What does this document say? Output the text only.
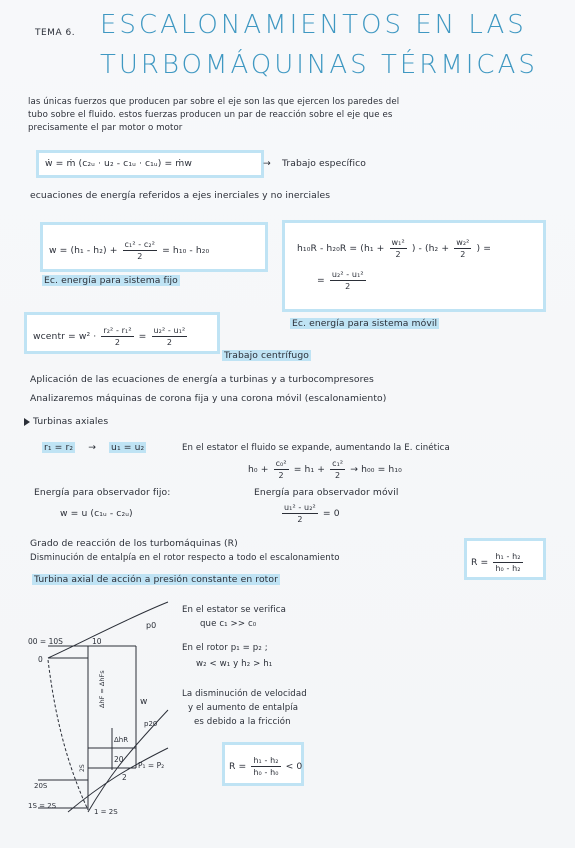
TEMA 6. ESCALONAMIENTOS EN LAS
TURBOMÁQUINAS TÉRMICAS
las únicas fuerzos que producen par sobre el eje son las que ejercen los paredes del
tubo sobre el fluido. estos fuerzas producen un par de reacción sobre el eje que es
precisamente el par motor o motor
ẇ = ṁ (c₂ᵤ · u₂ - c₁ᵤ · c₁ᵤ) = ṁw	→ Trabajo específico
ecuaciones de energía referidos a ejes inerciales y no inerciales
$w = (h_1 - h_2) + \frac{\text{c₁² - c₂²}}{2} = h_{10} - h_{20}$
Ec. energía para sistema fijo
$h_{10}R - h_{20}R = (h_1 + \frac{\text{w₁²}}{2}$ ) - ($h_2 + \frac{\text{w₂²}}{2}$ ) =
= $\frac{\text{u₂² - u₁²}}{2}$
Ec. energía para sistema móvil
wcentr = $w^2 \cdot \frac{\text{r₂² - r₁²}}{2} = \frac{\text{u₂² - u₁²}}{2}$
Trabajo centrífugo
Aplicación de las ecuaciones de energía a turbinas y a turbocompresores
Analizaremos máquinas de corona fija y una corona móvil (escalonamiento)
Turbinas axiales
r₁ = r₂ → u₁ = u₂	En el estator el fluido se expande, aumentando la E. cinética
$h_0 + \frac{\text{c₀²}}{2} = h_1 + \frac{\text{c₁²}}{2} \to h_{00} = h_{10}$
Energía para observador fijo:
w = u (c₁ᵤ - c₂ᵤ)
Energía para observador móvil
$\frac{\text{u₁² - u₂²}}{2} = 0$
Grado de reacción de los turbomáquinas (R)
Disminución de entalpía en el rotor respecto a todo el escalonamiento	$R = \frac{\text{h₁ - h₂}}{\text{h₀ - h₂}}$
Turbina axial de acción a presión constante en rotor
p0
00 = 10S	10
0
w
ΔhR
p20
P₁ = P₂
20
2
20S
1S = 2S
1 = 2S
2S
ΔhF = ΔhFs
En el estator se verifica
que c₁ >> c₀
En el rotor p₁ = p₂ ;
w₂ < w₁ y h₂ > h₁
La disminución de velocidad
y el aumento de entalpía
es debido a la fricción
$R = \frac{\text{h₁ - h₂}}{\text{h₀ - h₀}} < 0$
